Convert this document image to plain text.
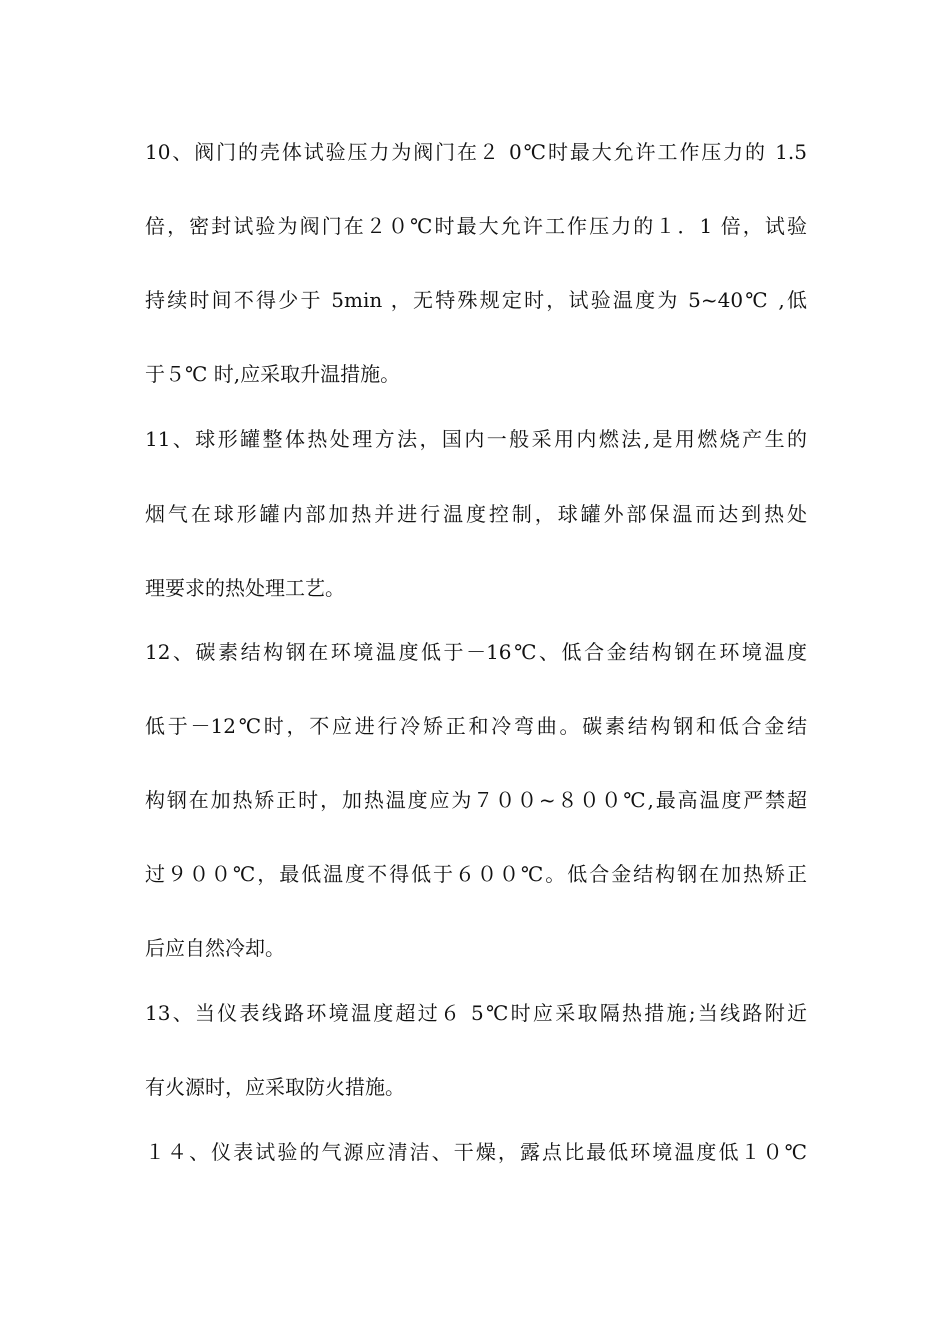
10、阀门的壳体试验压力为阀门在２ 0℃时最大允许工作压力的 1.5
倍，密封试验为阀门在２０℃时最大允许工作压力的１．1 倍，试验
持续时间不得少于 5min ，无特殊规定时，试验温度为 5~40℃ ,低
于５℃ 时,应采取升温措施。
11、球形罐整体热处理方法，国内一般采用内燃法,是用燃烧产生的
烟气在球形罐内部加热并进行温度控制，球罐外部保温而达到热处
理要求的热处理工艺。
12、碳素结构钢在环境温度低于－16℃、低合金结构钢在环境温度
低于－12℃时，不应进行冷矫正和冷弯曲。碳素结构钢和低合金结
构钢在加热矫正时，加热温度应为７００~８００℃,最高温度严禁超
过９００℃，最低温度不得低于６００℃。低合金结构钢在加热矫正
后应自然冷却。
13、当仪表线路环境温度超过６ 5℃时应采取隔热措施;当线路附近
有火源时，应采取防火措施。
１４、仪表试验的气源应清洁、干燥，露点比最低环境温度低１０℃
